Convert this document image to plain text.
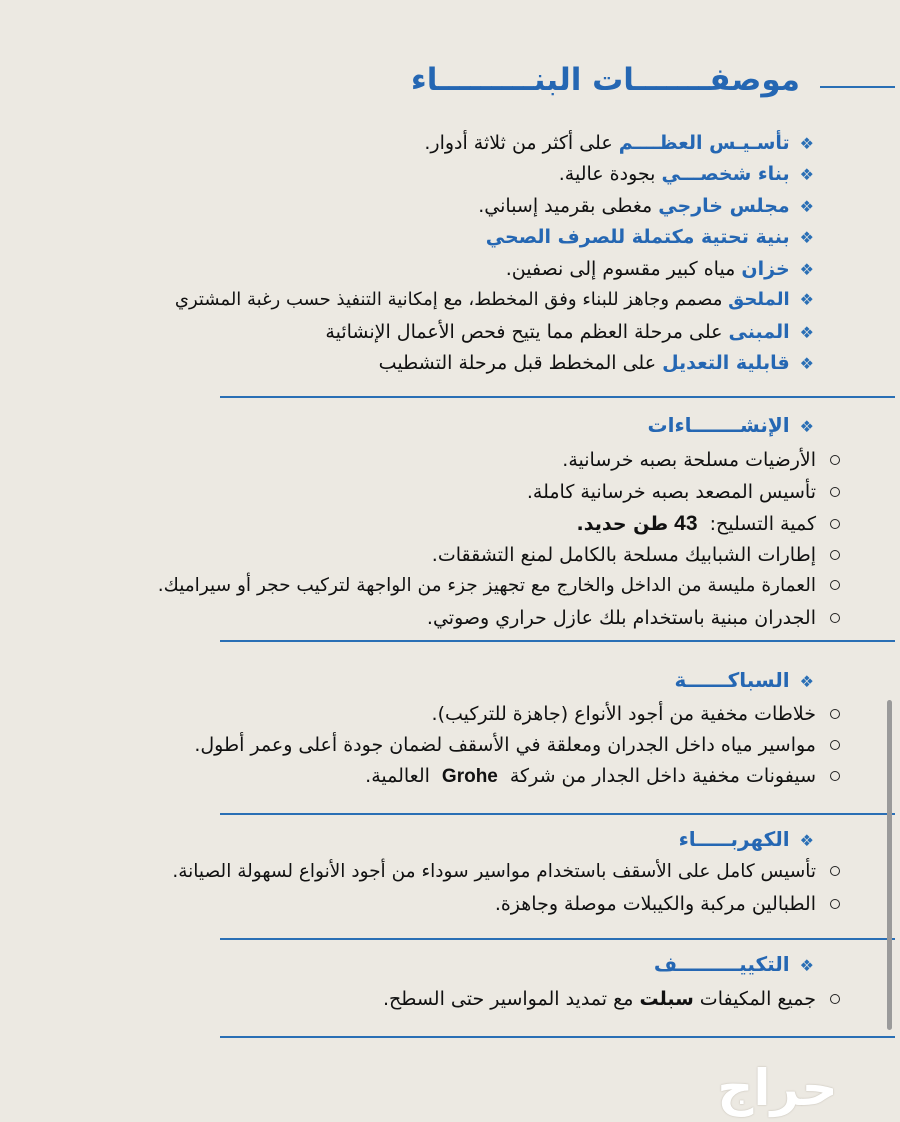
موصفـــــــات البنـــــــــاء
❖تأسـيـس العظــــم على أكثر من ثلاثة أدوار.
❖بناء شخصـــي بجودة عالية.
❖مجلس خارجي مغطى بقرميد إسباني.
❖بنية تحتية مكتملة للصرف الصحي
❖خزان مياه كبير مقسوم إلى نصفين.
❖الملحق مصمم وجاهز للبناء وفق المخطط، مع إمكانية التنفيذ حسب رغبة المشتري
❖المبنى على مرحلة العظم مما يتيح فحص الأعمال الإنشائية
❖قابلية التعديل على المخطط قبل مرحلة التشطيب
❖الإنشـــــــاءات
الأرضيات مسلحة بصبه خرسانية.
تأسيس المصعد بصبه خرسانية كاملة.
كمية التسليح: 43طن حديد.
إطارات الشبابيك مسلحة بالكامل لمنع التشققات.
العمارة مليسة من الداخل والخارج مع تجهيز جزء من الواجهة لتركيب حجر أو سيراميك.
الجدران مبنية باستخدام بلك عازل حراري وصوتي.
❖السباكــــــة
خلاطات مخفية من أجود الأنواع (جاهزة للتركيب).
مواسير مياه داخل الجدران ومعلقة في الأسقف لضمان جودة أعلى وعمر أطول.
سيفونات مخفية داخل الجدار من شركةGroheالعالمية.
❖الكهربـــــاء
تأسيس كامل على الأسقف باستخدام مواسير سوداء من أجود الأنواع لسهولة الصيانة.
الطبالين مركبة والكيبلات موصلة وجاهزة.
❖التكييـــــــــف
جميع المكيفات سبلت مع تمديد المواسير حتى السطح.
حراج
